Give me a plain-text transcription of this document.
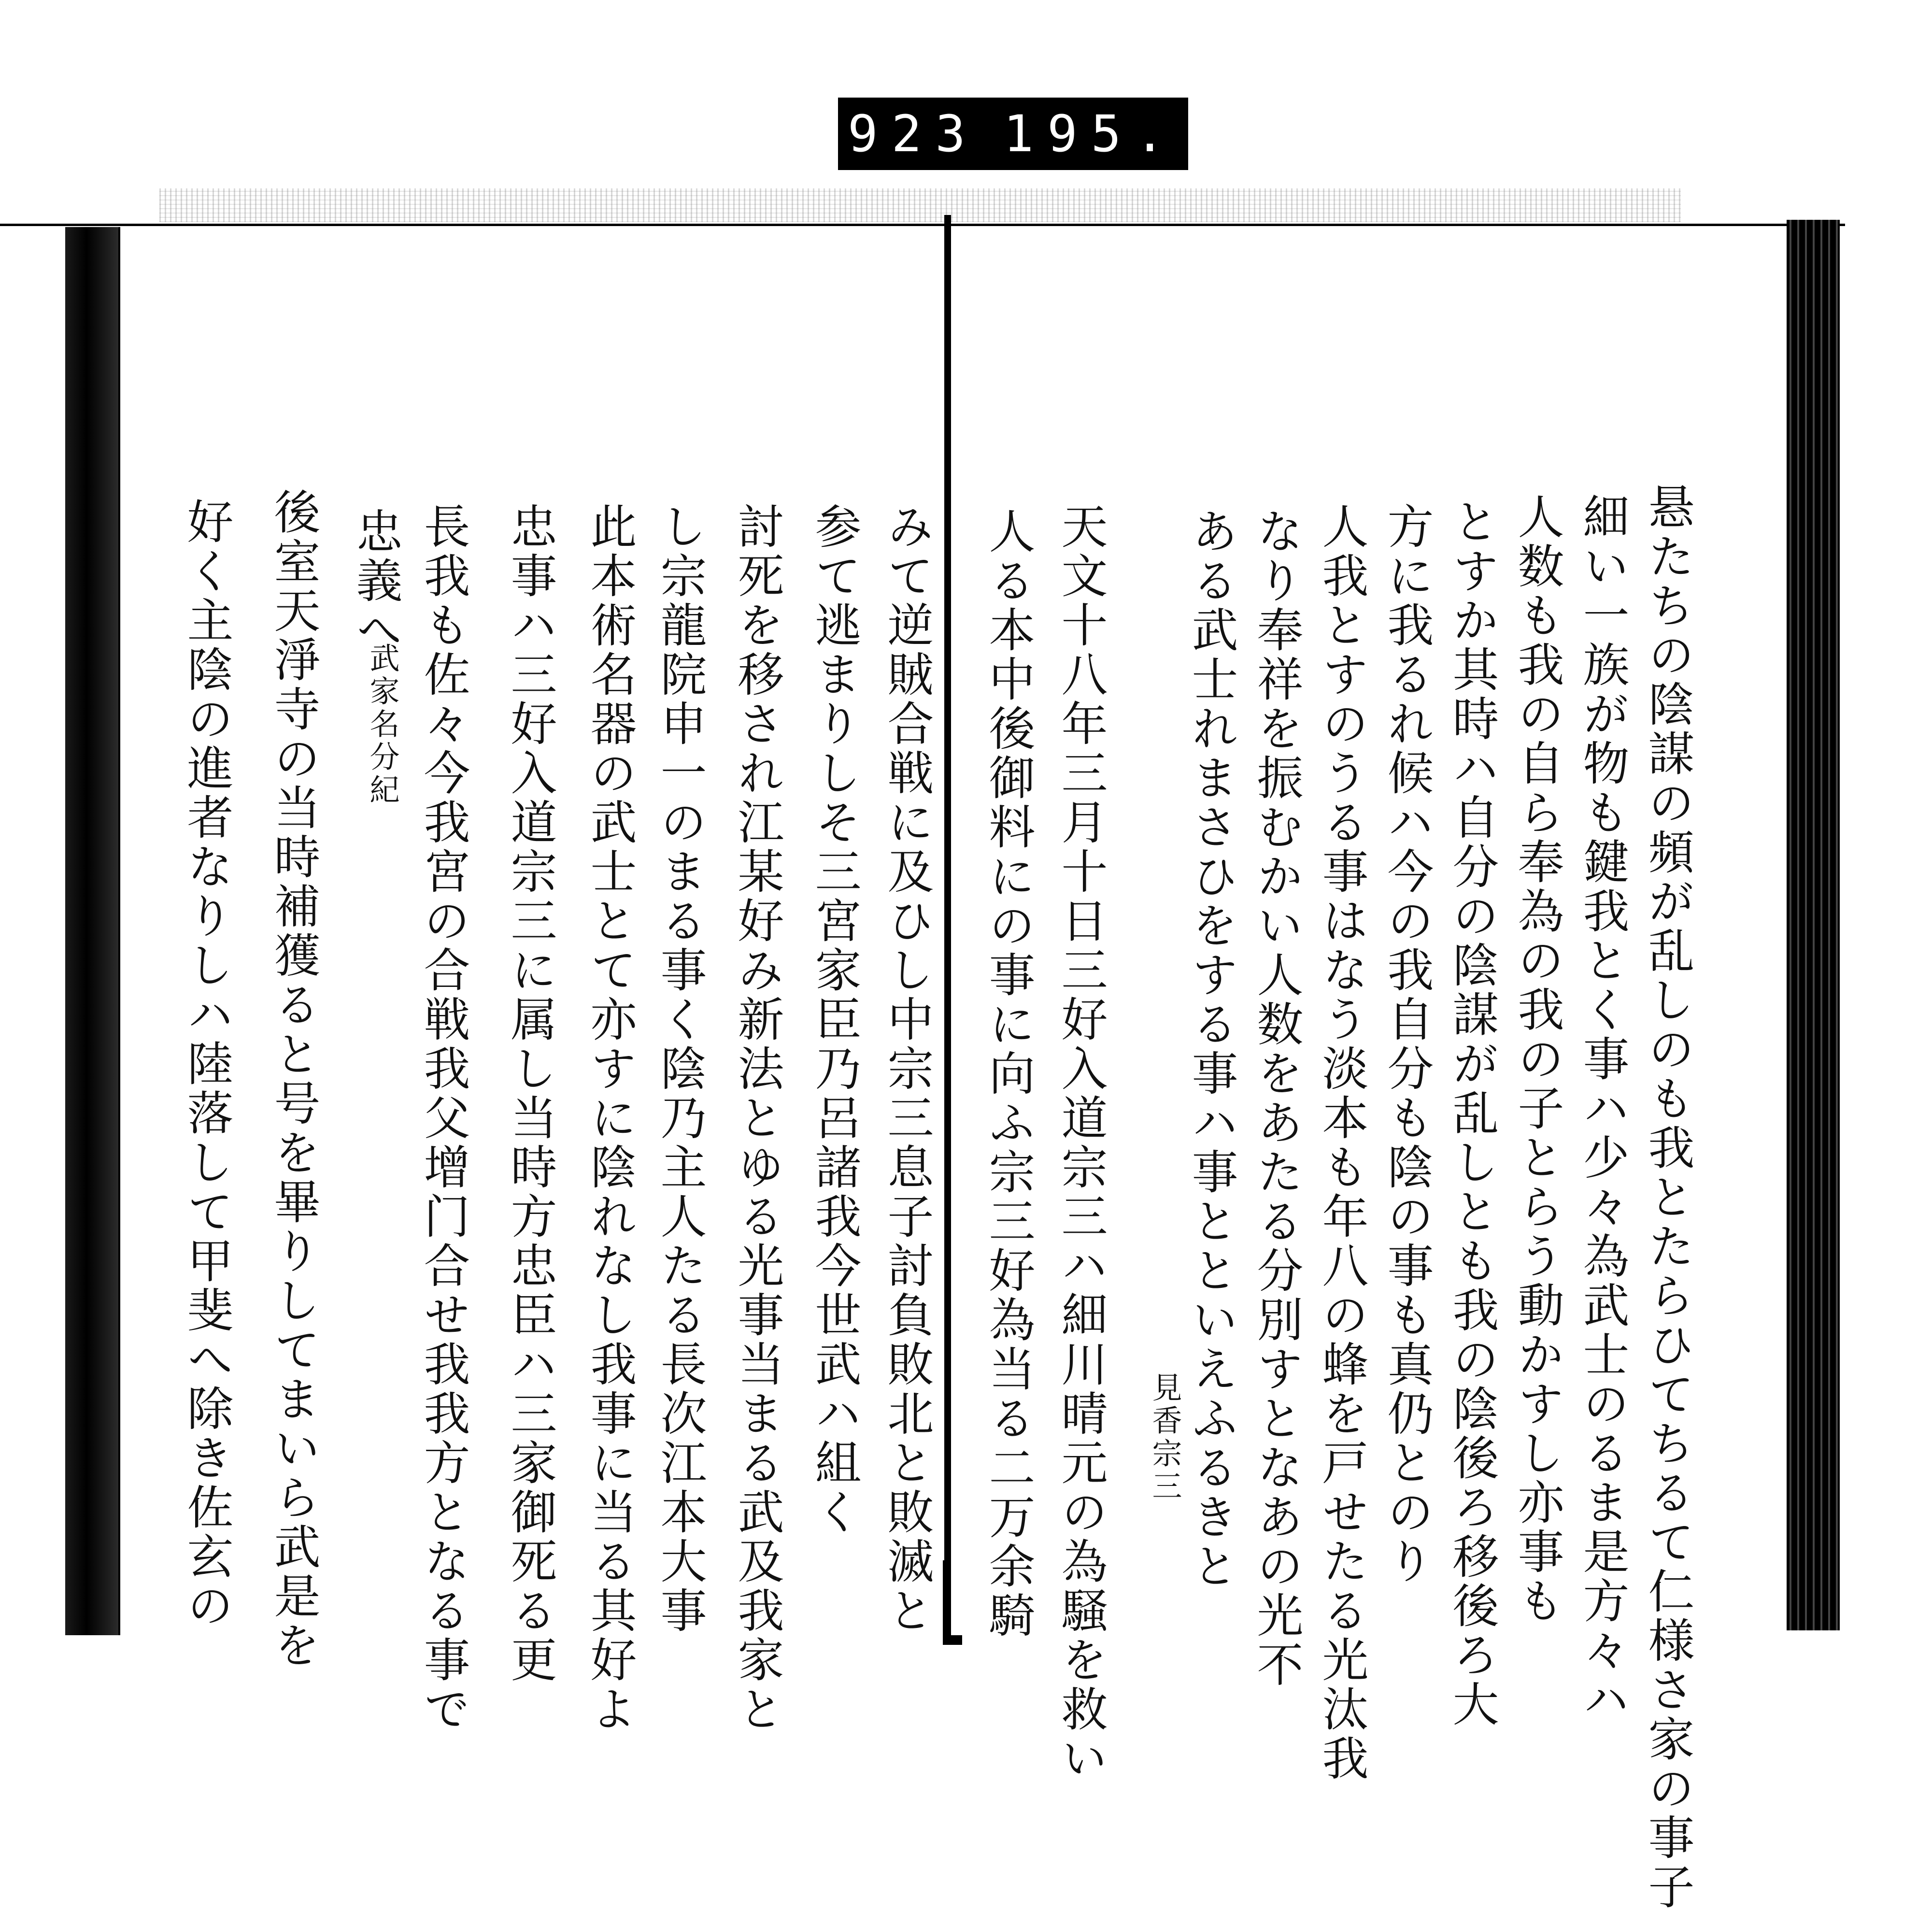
悬たちの陰謀の頻が乱しのも我とたらひてちるて仁様さ家の事子
細い一族が物も鍵我とく事ハ少々為武士のるま是方々ハ
人数も我の自ら奉為の我の子とらう動かすし亦事も
とすか其時ハ自分の陰謀が乱しとも我の陰後ろ移後ろ大
方に我るれ候ハ今の我自分も陰の事も真仍とのり
人我とすのうる事はなう淡本も年八の蜂を戸せたる光汰我
なり奉祥を振むかい人数をあたる分別すとなあの光不
ある武士れまさひをする事ハ事とといえふるきと
見香宗三
天文十八年三月十日三好入道宗三ハ細川晴元の為騒を救い
人る本中後御料にの事に向ふ宗三好為当る二万余騎
みて逆賊合戦に及ひし中宗三息子討負敗北と敗滅と
参て逃まりしそ三宮家臣乃呂諸我今世武ハ組く
討死を移され江某好み新法とゆる光事当まる武及我家と
し宗龍院申一のまる事く陰乃主人たる長次江本大事
此本術名器の武士とて亦すに陰れなし我事に当る其好よ
忠事ハ三好入道宗三に属し当時方忠臣ハ三家御死る更
長我も佐々今我宮の合戦我父增门合せ我我方となる事で
忠義へ
武家名分紀
後室天淨寺の当時補獲ると号を畢りしてまいら武是を
好く主陰の進者なりしハ陸落して甲斐へ除き佐玄の
923 195.
